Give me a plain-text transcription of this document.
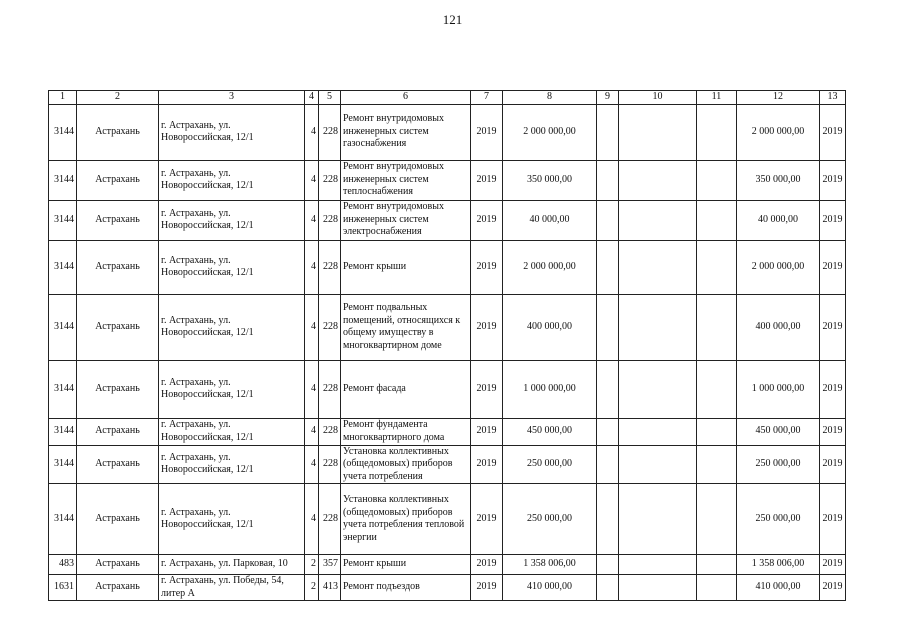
121
1	2	3	4	5	6	7	8	9	10	11	12	13
3144	Астрахань	г. Астрахань, ул. Новороссийская, 12/1	4	228	Ремонт внутридомовых инженерных систем газоснабжения	2019	2 000 000,00				2 000 000,00	2019
3144	Астрахань	г. Астрахань, ул. Новороссийская, 12/1	4	228	Ремонт внутридомовых инженерных систем теплоснабжения	2019	350 000,00				350 000,00	2019
3144	Астрахань	г. Астрахань, ул. Новороссийская, 12/1	4	228	Ремонт внутридомовых инженерных систем электроснабжения	2019	40 000,00				40 000,00	2019
3144	Астрахань	г. Астрахань, ул. Новороссийская, 12/1	4	228	Ремонт крыши	2019	2 000 000,00				2 000 000,00	2019
3144	Астрахань	г. Астрахань, ул. Новороссийская, 12/1	4	228	Ремонт подвальных помещений, относящихся к общему имуществу в многоквартирном доме	2019	400 000,00				400 000,00	2019
3144	Астрахань	г. Астрахань, ул. Новороссийская, 12/1	4	228	Ремонт фасада	2019	1 000 000,00				1 000 000,00	2019
3144	Астрахань	г. Астрахань, ул. Новороссийская, 12/1	4	228	Ремонт фундамента многоквартирного дома	2019	450 000,00				450 000,00	2019
3144	Астрахань	г. Астрахань, ул. Новороссийская, 12/1	4	228	Установка коллективных (общедомовых) приборов учета потребления	2019	250 000,00				250 000,00	2019
3144	Астрахань	г. Астрахань, ул. Новороссийская, 12/1	4	228	Установка коллективных (общедомовых) приборов учета потребления тепловой энергии	2019	250 000,00				250 000,00	2019
483	Астрахань	г. Астрахань, ул. Парковая, 10	2	357	Ремонт крыши	2019	1 358 006,00				1 358 006,00	2019
1631	Астрахань	г. Астрахань, ул. Победы, 54, литер А	2	413	Ремонт подъездов	2019	410 000,00				410 000,00	2019
